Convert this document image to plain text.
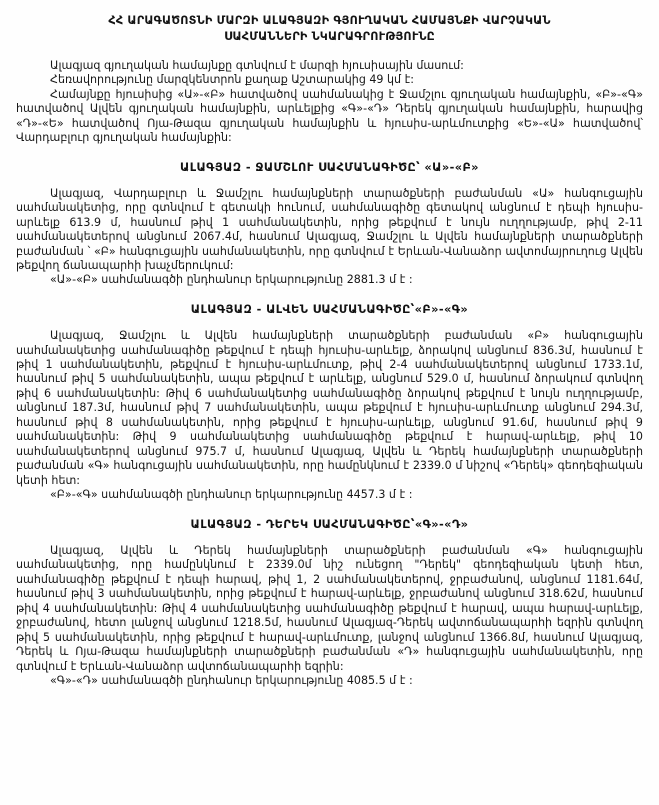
ՀՀ ԱՐԱԳԱԾՈՏՆԻ ՄԱՐԶԻ ԱԼԱԳՅԱԶԻ ԳՅՈՒՂԱԿԱՆ ՀԱՄԱՅՆՔԻ ՎԱՐՉԱԿԱՆ
ՍԱՀՄԱՆՆԵՐԻ ՆԿԱՐԱԳՐՈՒԹՅՈՒՆԸ

Ալագյազ գյուղական համայնքը գտնվում է մարզի հյուսիսային մասում:

Հեռավորությունը մարզկենտրոն քաղաք Աշտարակից 49 կմ է:

Համայնքը հյուսիսից «Ա»-«Բ» հատվածով սահմանակից է Ջամշլու գյուղական համայնքին, «Բ»-«Գ» հատվածով Ալվեն գյուղական համայնքին, արևելքից «Գ»-«Դ» Դերեկ գյուղական համայնքին, հարավից «Դ»-«Ե» հատվածով Ոյա-Թազա գյուղական համայնքին և հյուսիս-արևմուտքից «Ե»-«Ա» հատվածով՝ Վարդաբլուր գյուղական համայնքին:

ԱԼԱԳՅԱԶ - ՋԱՄՇԼՈՒ ՍԱՀՄԱՆԱԳԻԾԸ՝ «Ա»-«Բ»

Ալագյազ, Վարդաբլուր և Ջամշլու համայնքների տարածքների բաժանման «Ա» հանգուցային սահմանակետից, որը գտնվում է գետակի հունում, սահմանագիծը գետակով անցնում է դեպի հյուսիս-արևելք 613.9 մ, հասնում թիվ 1 սահմանակետին, որից թեքվում է նույն ուղղությամբ, թիվ 2-11 սահմանակետերով անցնում 2067.4մ, հասնում Ալագյազ, Ջամշլու և Ալվեն համայնքների տարածքների բաժանման ՝ «Բ» հանգուցային սահմանակետին, որը գտնվում է Երևան-Վանաձոր ավտոմայրուղուց Ալվեն թեքվող ճանապարհի խաչմերուկում:

«Ա»-«Բ» սահմանագծի ընդհանուր երկարությունը 2881.3 մ է :

ԱԼԱԳՅԱԶ - ԱԼՎԵՆ ՍԱՀՄԱՆԱԳԻԾԸ՝«Բ»-«Գ»

Ալագյազ, Ջամշլու և Ալվեն համայնքների տարածքների բաժանման «Բ» հանգուցային սահմանակետից սահմանագիծը թեքվում է դեպի հյուսիս-արևելք, ձորակով անցնում 836.3մ, հասնում է թիվ 1 սահմանակետին, թեքվում է հյուսիս-արևմուտք, թիվ 2-4 սահմանակետերով անցնում 1733.1մ, հասնում թիվ 5 սահմանակետին, ապա թեքվում է արևելք, անցնում 529.0 մ, հասնում ձորակում գտնվող թիվ 6 սահմանակետին: Թիվ 6 սահմանակետից սահմանագիծը ձորակով թեքվում է նույն ուղղությամբ, անցնում 187.3մ, հասնում թիվ 7 սահմանակետին, ապա թեքվում է հյուսիս-արևմուտք անցնում 294.3մ, հասնում թիվ 8 սահմանակետին, որից թեքվում է հյուսիս-արևելք, անցնում 91.6մ, հասնում թիվ 9 սահմանակետին: Թիվ 9 սահմանակետից սահմանագիծը թեքվում է հարավ-արևելք, թիվ 10 սահմանակետերով անցնում 975.7 մ, հասնում Ալագյազ, Ալվեն և Դերեկ համայնքների տարածքների բաժանման «Գ» հանգուցային սահմանակետին, որը համընկնում է 2339.0 մ նիշով «Դերեկ» գեոդեզիական կետի հետ:

«Բ»-«Գ» սահմանագծի ընդհանուր երկարությունը 4457.3 մ է :

ԱԼԱԳՅԱԶ - ԴԵՐԵԿ ՍԱՀՄԱՆԱԳԻԾԸ՝«Գ»-«Դ»

Ալագյազ, Ալվեն և Դերեկ համայնքների տարածքների բաժանման «Գ» հանգուցային սահմանակետից, որը համընկնում է 2339.0մ նիշ ունեցող "Դերեկ" գեոդեզիական կետի հետ, սահմանագիծը թեքվում է դեպի հարավ, թիվ 1, 2 սահմանակետերով, ջրբաժանով, անցնում 1181.64մ, հասնում թիվ 3 սահմանակետին, որից թեքվում է հարավ-արևելք, ջրբաժանով անցնում 318.62մ, հասնում թիվ 4 սահմանակետին: Թիվ 4 սահմանակետից սահմանագիծը թեքվում է հարավ, ապա հարավ-արևելք, ջրբաժանով, հետո լանջով անցնում 1218.5մ, հասնում Ալագյազ-Դերեկ ավտոճանապարհի եզրին գտնվող թիվ 5 սահմանակետին, որից թեքվում է հարավ-արևմուտք, լանջով անցնում 1366.8մ, հասնում Ալագյազ, Դերեկ և Ոյա-Թազա համայնքների տարածքների բաժանման «Դ» հանգուցային սահմանակետին, որը գտնվում է Երևան-Վանաձոր ավտոճանապարհի եզրին:

«Գ»-«Դ» սահմանագծի ընդհանուր երկարությունը 4085.5 մ է :
